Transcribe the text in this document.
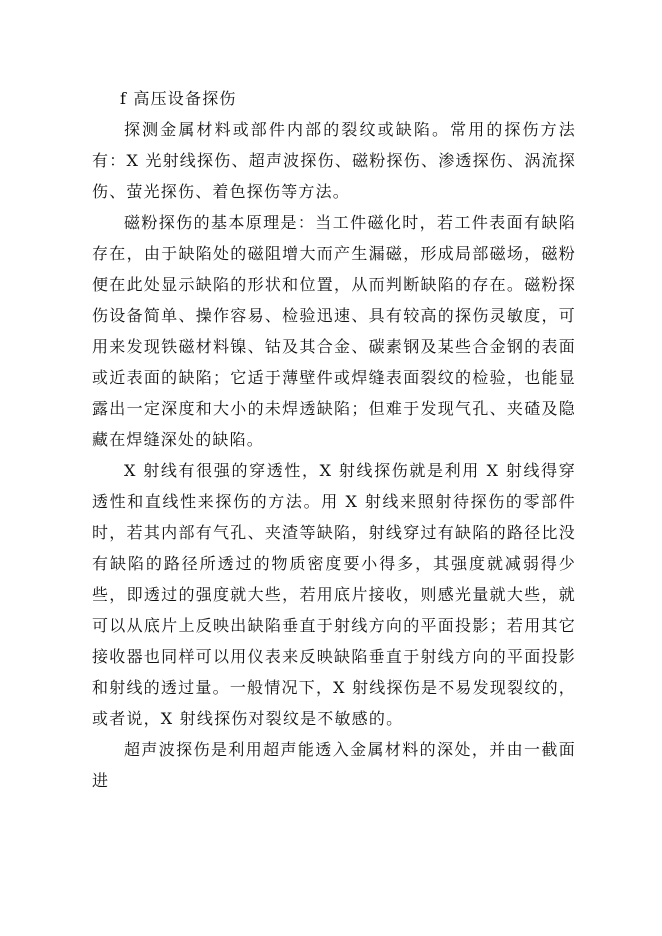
f 高压设备探伤

探测金属材料或部件内部的裂纹或缺陷。常用的探伤方法有：X 光射线探伤、超声波探伤、磁粉探伤、渗透探伤、涡流探伤、萤光探伤、着色探伤等方法。

磁粉探伤的基本原理是：当工件磁化时，若工件表面有缺陷存在，由于缺陷处的磁阻增大而产生漏磁，形成局部磁场，磁粉便在此处显示缺陷的形状和位置，从而判断缺陷的存在。磁粉探伤设备简单、操作容易、检验迅速、具有较高的探伤灵敏度，可用来发现铁磁材料镍、钴及其合金、碳素钢及某些合金钢的表面或近表面的缺陷；它适于薄壁件或焊缝表面裂纹的检验，也能显露出一定深度和大小的未焊透缺陷；但难于发现气孔、夹碴及隐藏在焊缝深处的缺陷。

X 射线有很强的穿透性，X 射线探伤就是利用 X 射线得穿透性和直线性来探伤的方法。用 X 射线来照射待探伤的零部件时，若其内部有气孔、夹渣等缺陷，射线穿过有缺陷的路径比没有缺陷的路径所透过的物质密度要小得多，其强度就减弱得少些，即透过的强度就大些，若用底片接收，则感光量就大些，就可以从底片上反映出缺陷垂直于射线方向的平面投影；若用其它接收器也同样可以用仪表来反映缺陷垂直于射线方向的平面投影和射线的透过量。一般情况下，X 射线探伤是不易发现裂纹的，或者说，X 射线探伤对裂纹是不敏感的。

超声波探伤是利用超声能透入金属材料的深处，并由一截面进
